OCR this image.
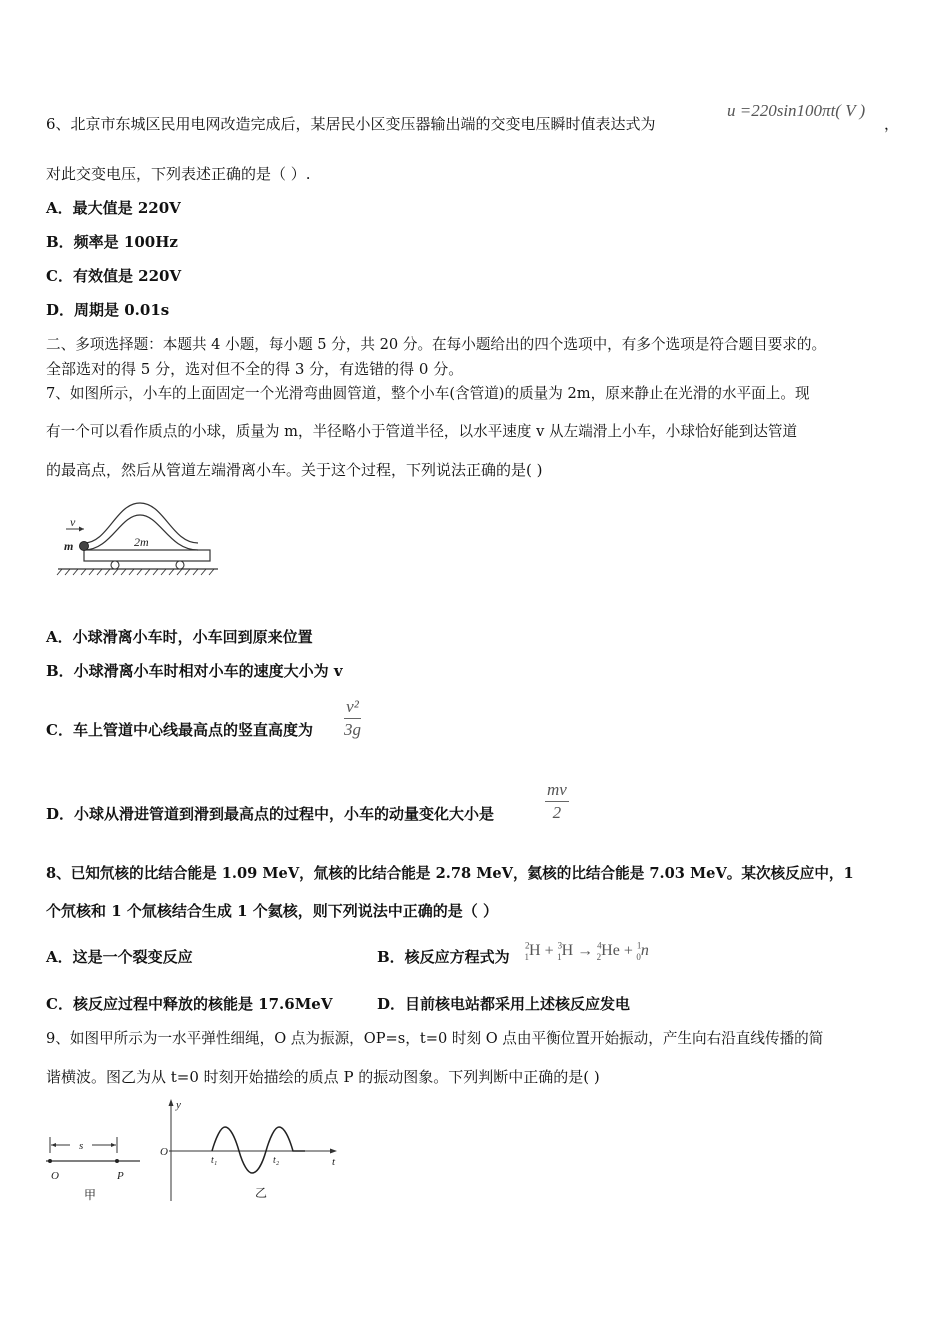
6、北京市东城区民用电网改造完成后，某居民小区变压器输出端的交变电压瞬时值表达式为
u =220sin100πt( V )
，
对此交变电压，下列表述正确的是（ ）.
A．最大值是 220V
B．频率是 100Hz
C．有效值是 220V
D．周期是 0.01s
二、多项选择题：本题共 4 小题，每小题 5 分，共 20 分。在每小题给出的四个选项中，有多个选项是符合题目要求的。
全部选对的得 5 分，选对但不全的得 3 分，有选错的得 0 分。
7、如图所示，小车的上面固定一个光滑弯曲圆管道，整个小车(含管道)的质量为 2m，原来静止在光滑的水平面上。现
有一个可以看作质点的小球，质量为 m，半径略小于管道半径，以水平速度 v 从左端滑上小车，小球恰好能到达管道
的最高点，然后从管道左端滑离小车。关于这个过程，下列说法正确的是( )
v
m	2m
A．小球滑离小车时，小车回到原来位置
B．小球滑离小车时相对小车的速度大小为 v
C．车上管道中心线最高点的竖直高度为
v²
3g
D．小球从滑进管道到滑到最高点的过程中，小车的动量变化大小是
mv
2
8、已知氘核的比结合能是 1.09 MeV，氚核的比结合能是 2.78 MeV，氦核的比结合能是 7.03 MeV。某次核反应中，1
个氘核和 1 个氚核结合生成 1 个氦核，则下列说法中正确的是（ ）
A．这是一个裂变反应	B．核反应方程式为
$^2_1$H + $^3_1$H → $^4_2$He + $^1_0$n
C．核反应过程中释放的核能是 17.6MeV	D．目前核电站都采用上述核反应发电
9、如图甲所示为一水平弹性细绳，O 点为振源，OP=s，t=0 时刻 O 点由平衡位置开始振动，产生向右沿直线传播的简
谐横波。图乙为从 t=0 时刻开始描绘的质点 P 的振动图象。下列判断中正确的是( )
s
O	P
甲
y
O
t
t₁	t₂
乙
